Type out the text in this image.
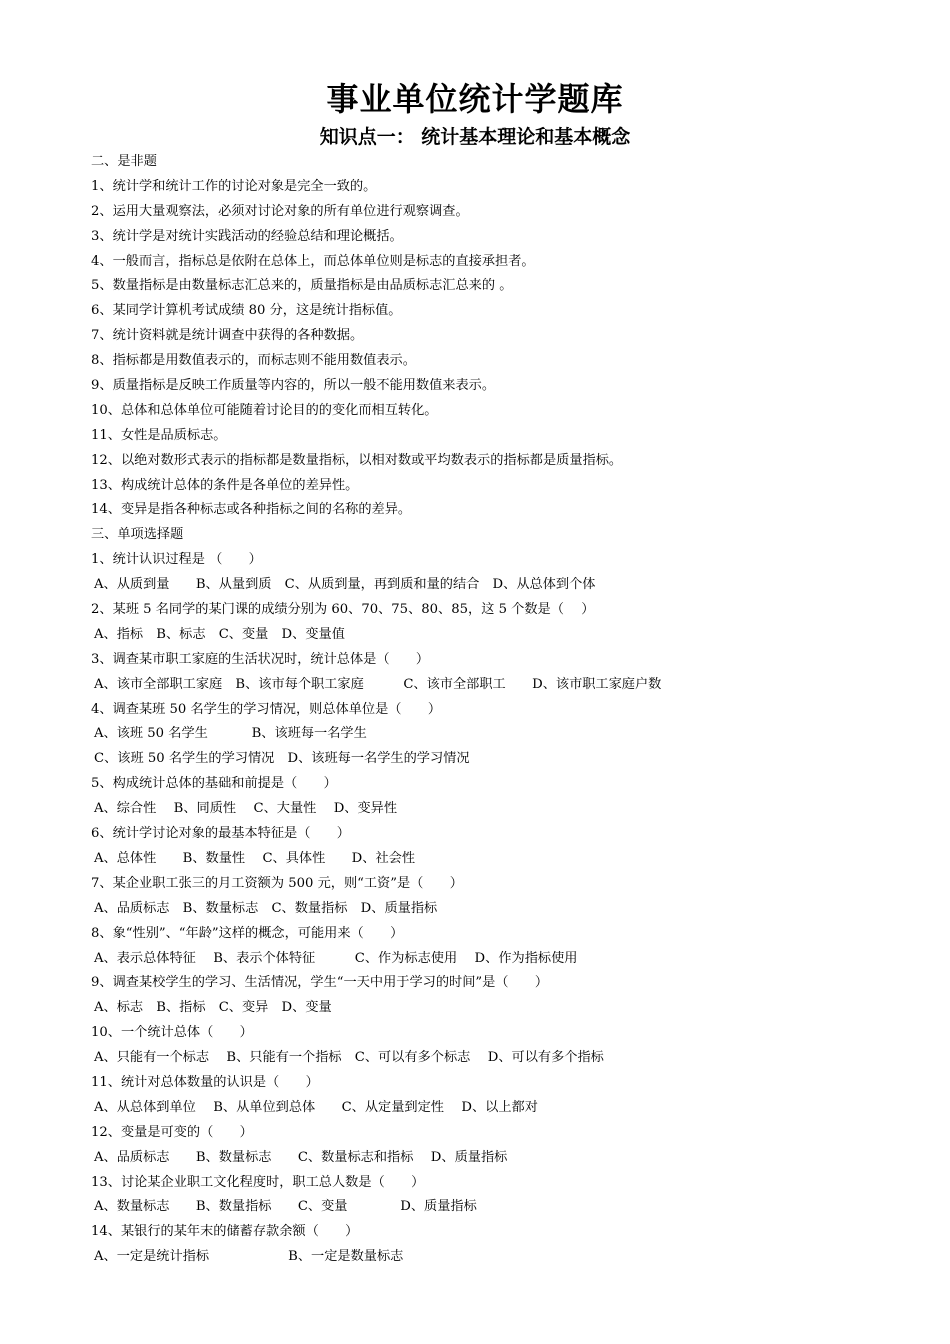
事业单位统计学题库
知识点一： 统计基本理论和基本概念
二、是非题
1、统计学和统计工作的讨论对象是完全一致的。
2、运用大量观察法，必须对讨论对象的所有单位进行观察调查。
3、统计学是对统计实践活动的经验总结和理论概括。
4、一般而言，指标总是依附在总体上，而总体单位则是标志的直接承担者。
5、数量指标是由数量标志汇总来的，质量指标是由品质标志汇总来的 。
6、某同学计算机考试成绩 80 分，这是统计指标值。
7、统计资料就是统计调查中获得的各种数据。
8、指标都是用数值表示的，而标志则不能用数值表示。
9、质量指标是反映工作质量等内容的，所以一般不能用数值来表示。
10、总体和总体单位可能随着讨论目的的变化而相互转化。
11、女性是品质标志。
12、以绝对数形式表示的指标都是数量指标，以相对数或平均数表示的指标都是质量指标。
13、构成统计总体的条件是各单位的差异性。
14、变异是指各种标志或各种指标之间的名称的差异。
三、单项选择题
1、统计认识过程是 （　　）
A、从质到量　　B、从量到质　C、从质到量，再到质和量的结合　D、从总体到个体
2、某班 5 名同学的某门课的成绩分别为 60、70、75、80、85，这 5 个数是（　 ）
A、指标　B、标志　C、变量　D、变量值
3、调查某市职工家庭的生活状况时，统计总体是（　　）
A、该市全部职工家庭　B、该市每个职工家庭　　　C、该市全部职工　　D、该市职工家庭户数
4、调查某班 50 名学生的学习情况，则总体单位是（　　）
A、该班 50 名学生　　　 B、该班每一名学生
C、该班 50 名学生的学习情况　D、该班每一名学生的学习情况
5、构成统计总体的基础和前提是（　　）
A、综合性　 B、同质性　 C、大量性　 D、变异性
6、统计学讨论对象的最基本特征是（　　）
A、总体性　　B、数量性　 C、具体性　　D、社会性
7、某企业职工张三的月工资额为 500 元，则“工资”是（　　）
A、品质标志　B、数量标志　C、数量指标　D、质量指标
8、象“性别”、“年龄”这样的概念，可能用来（　　）
A、表示总体特征　 B、表示个体特征　　　C、作为标志使用　 D、作为指标使用
9、调查某校学生的学习、生活情况，学生“一天中用于学习的时间”是（　　）
A、标志　B、指标　C、变异　D、变量
10、一个统计总体（　　）
A、只能有一个标志　 B、只能有一个指标　C、可以有多个标志　 D、可以有多个指标
11、统计对总体数量的认识是（　　）
A、从总体到单位　 B、从单位到总体　　C、从定量到定性　 D、以上都对
12、变量是可变的（　　）
A、品质标志　　B、数量标志　　C、数量标志和指标　 D、质量指标
13、讨论某企业职工文化程度时，职工总人数是（　　）
A、数量标志　　B、数量指标　　C、变量　　　　D、质量指标
14、某银行的某年末的储蓄存款余额（　　）
A、一定是统计指标　　　　　　B、一定是数量标志
